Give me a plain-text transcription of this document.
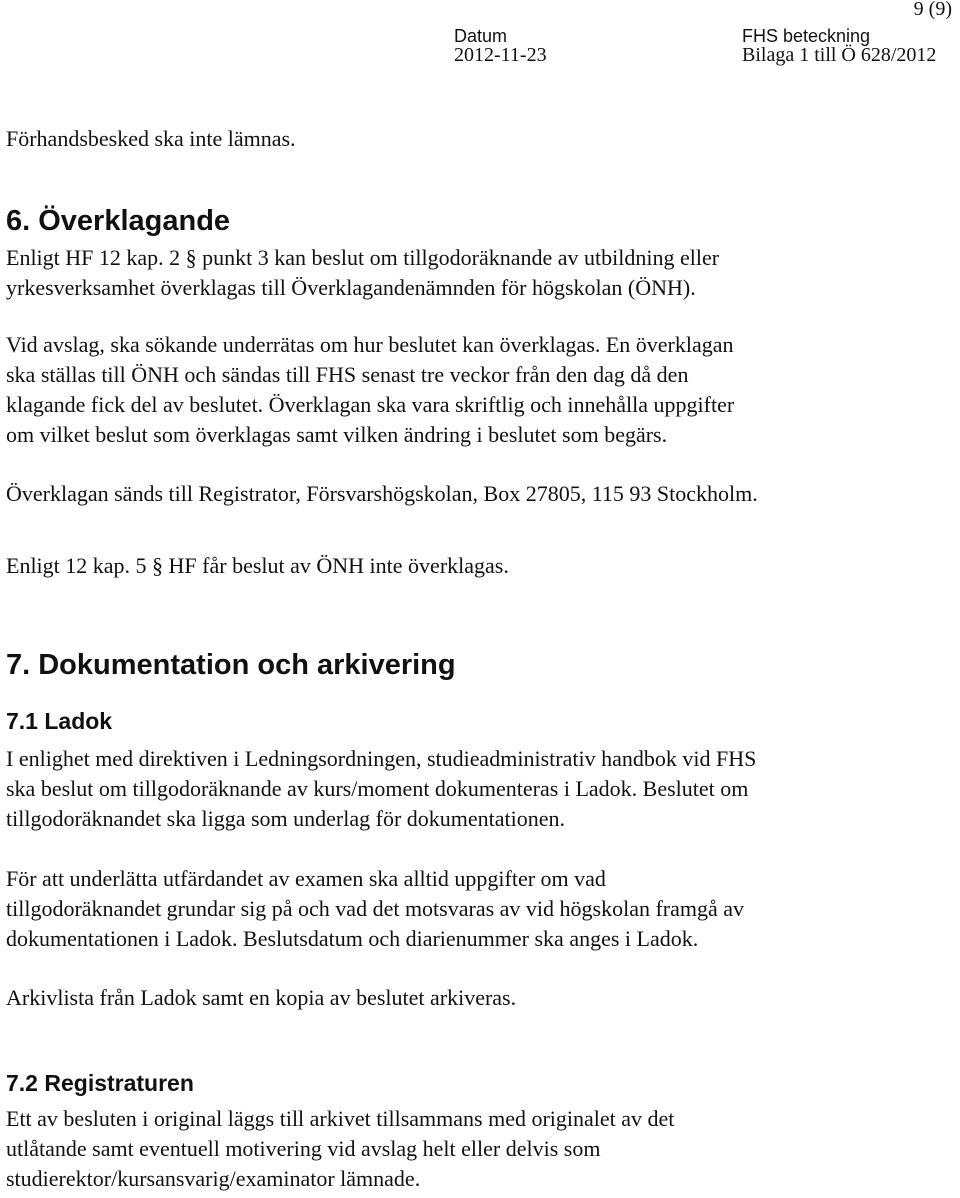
9 (9)
Datum
2012-11-23
FHS beteckning
Bilaga 1 till Ö 628/2012
Förhandsbesked ska inte lämnas.
6. Överklagande
Enligt HF 12 kap. 2 § punkt 3 kan beslut om tillgodoräknande av utbildning eller
yrkesverksamhet överklagas till Överklagandenämnden för högskolan (ÖNH).
Vid avslag, ska sökande underrätas om hur beslutet kan överklagas. En överklagan
ska ställas till ÖNH och sändas till FHS senast tre veckor från den dag då den
klagande fick del av beslutet. Överklagan ska vara skriftlig och innehålla uppgifter
om vilket beslut som överklagas samt vilken ändring i beslutet som begärs.
Överklagan sänds till Registrator, Försvarshögskolan, Box 27805, 115 93 Stockholm.
Enligt 12 kap. 5 § HF får beslut av ÖNH inte överklagas.
7. Dokumentation och arkivering
7.1 Ladok
I enlighet med direktiven i Ledningsordningen, studieadministrativ handbok vid FHS
ska beslut om tillgodoräknande av kurs/moment dokumenteras i Ladok. Beslutet om
tillgodoräknandet ska ligga som underlag för dokumentationen.
För att underlätta utfärdandet av examen ska alltid uppgifter om vad
tillgodoräknandet grundar sig på och vad det motsvaras av vid högskolan framgå av
dokumentationen i Ladok. Beslutsdatum och diarienummer ska anges i Ladok.
Arkivlista från Ladok samt en kopia av beslutet arkiveras.
7.2 Registraturen
Ett av besluten i original läggs till arkivet tillsammans med originalet av det
utlåtande samt eventuell motivering vid avslag helt eller delvis som
studierektor/kursansvarig/examinator lämnade.
